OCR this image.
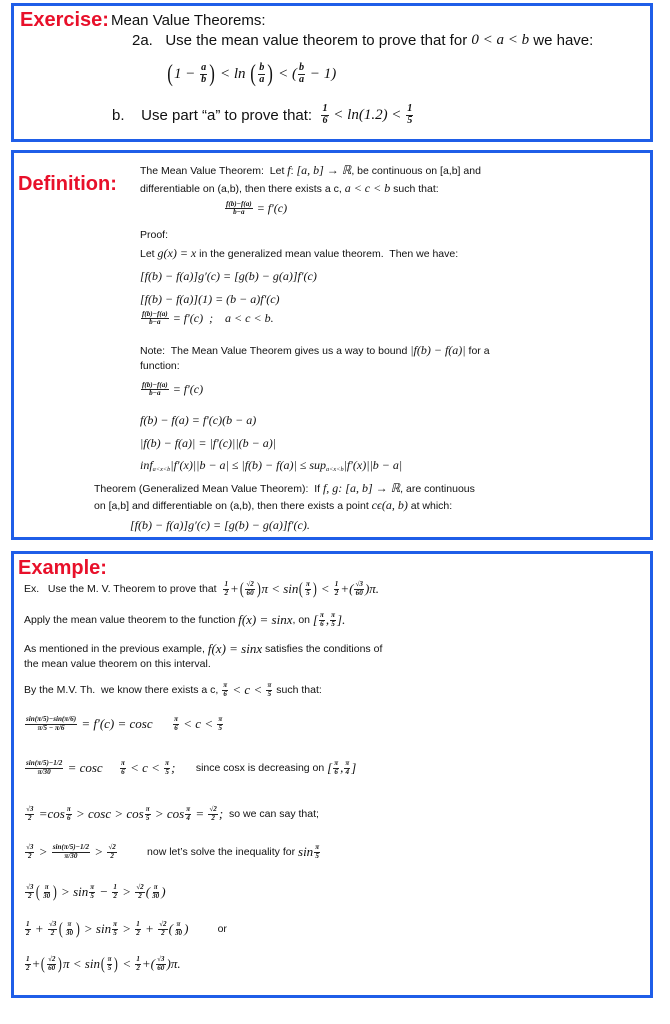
Exercise: Mean Value Theorems:
2a.   Use the mean value theorem to prove that for 0 < a < b we have:
( $1 - \frac{a}{b}$ ) < ln ( $\frac{b}{a}$ ) < ( $\frac{b}{a} - 1$)
b.    Use part “a” to prove that: $\frac{1}{6} < \ln(1.2) < \frac{1}{5}$
Definition:
The Mean Value Theorem:  Let f : [a, b] → ℝ , be continuous on [a,b] and
differentiable on (a,b), then there exists a c, a < c < b such that:
$\frac{f(b)-f(a)}{b-a} = f'(c)$
Proof:
Let g(x) = x in the generalized mean value theorem.  Then we have:
[f(b) − f(a)]g′(c) = [g(b) − g(a)]f′(c)
[f(b) − f(a)](1) = (b − a)f′(c)
$\frac{f(b)-f(a)}{b-a} = f'(c)$  ;    a < c < b.
Note:  The Mean Value Theorem gives us a way to bound |f(b) − f(a)| for a
function:
$\frac{f(b)-f(a)}{b-a} = f'(c)$
f(b) − f(a) = f′(c)(b − a)
|f(b) − f(a)| = |f′(c)||(b − a)|
inf a<x<b |f′(x)||b − a| ≤ |f(b) − f(a)| ≤ sup a<x<b |f′(x)||b − a|
Theorem (Generalized Mean Value Theorem):  If f, g: [a, b] → ℝ , are continuous
on [a,b] and differentiable on (a,b), then there exists a point cϵ(a, b) at which:
[f(b) − f(a)]g′(c) = [g(b) − g(a)]f′(c).
Example:
Ex.   Use the M. V. Theorem to prove that $\frac{1}{2}$ + ( $\frac{√2}{60}$ ) π < sin ( $\frac{\pi}{5}$ ) < $\frac{1}{2}$ +( $\frac{√3}{60} )\pi$.
Apply the mean value theorem to the function f(x) = sinx , on [ $\frac{\pi}{6}$ , $\frac{\pi}{5}$ ].
As mentioned in the previous example, f(x) = sinx satisfies the conditions of
the mean value theorem on this interval.
By the M.V. Th.  we know there exists a c, $\frac{\pi}{6} < c < \frac{\pi}{5}$ such that:
$\frac{\sin(\pi/5)-\sin(\pi/6)}{\pi/5 - \pi/6} = f'(c) = \cos c \frac{\pi}{6} < c < \frac{\pi}{5}$
$\frac{\sin(\pi/5)-1/2}{\pi/30} = \cos c \frac{\pi}{6} < c < \frac{\pi}{5}$ ; since cosx is decreasing on [ $\frac{\pi}{6}$ , $\frac{\pi}{4}$ ]
$\frac{√3}{2} =\cos \frac{\pi}{6} > \cos c > \cos \frac{\pi}{5} > \cos \frac{\pi}{4} = \frac{√2}{2}$ ; so we can say that;
$\frac{√3}{2} > \frac{\sin(\pi/5)-1/2}{\pi/30} > \frac{√2}{2}$ now let’s solve the inequality for $\sin \frac{\pi}{5}$
$\frac{√3}{2}$ ( $\frac{\pi}{30}$ ) > $\sin \frac{\pi}{5} - \frac{1}{2} > \frac{√2}{2}$ ( $\frac{\pi}{30}$ )
$\frac{1}{2} + \frac{√3}{2}$ ( $\frac{\pi}{30}$ ) > $\sin \frac{\pi}{5} > \frac{1}{2} + \frac{√2}{2}$ ( $\frac{\pi}{30}$ ) or
$\frac{1}{2}$ + ( $\frac{√2}{60}$ ) π < sin ( $\frac{\pi}{5}$ ) < $\frac{1}{2}$ +( $\frac{√3}{60} )\pi$.
